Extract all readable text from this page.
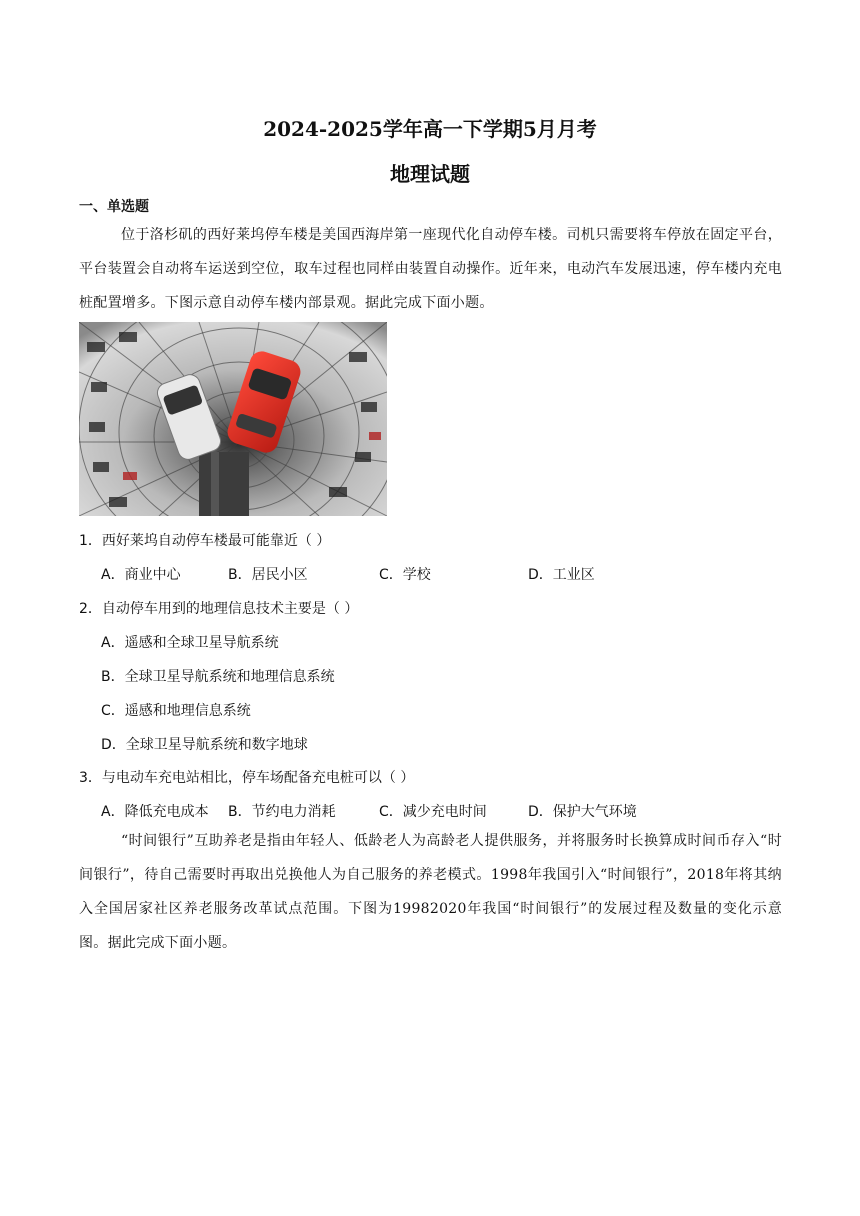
2024-2025学年高一下学期5月月考
地理试题
一、单选题
位于洛杉矶的西好莱坞停车楼是美国西海岸第一座现代化自动停车楼。司机只需要将车停放在固定平台，平台装置会自动将车运送到空位，取车过程也同样由装置自动操作。近年来，电动汽车发展迅速，停车楼内充电桩配置增多。下图示意自动停车楼内部景观。据此完成下面小题。
1．西好莱坞自动停车楼最可能靠近（ ）
A．商业中心	B．居民小区	C．学校	D．工业区
2．自动停车用到的地理信息技术主要是（ ）
A．遥感和全球卫星导航系统
B．全球卫星导航系统和地理信息系统
C．遥感和地理信息系统
D．全球卫星导航系统和数字地球
3．与电动车充电站相比，停车场配备充电桩可以（ ）
A．降低充电成本 B．节约电力消耗	C．减少充电时间	D．保护大气环境
“时间银行”互助养老是指由年轻人、低龄老人为高龄老人提供服务，并将服务时长换算成时间币存入“时间银行”，待自己需要时再取出兑换他人为自己服务的养老模式。1998年我国引入“时间银行”，2018年将其纳入全国居家社区养老服务改革试点范围。下图为19982020年我国“时间银行”的发展过程及数量的变化示意图。据此完成下面小题。
